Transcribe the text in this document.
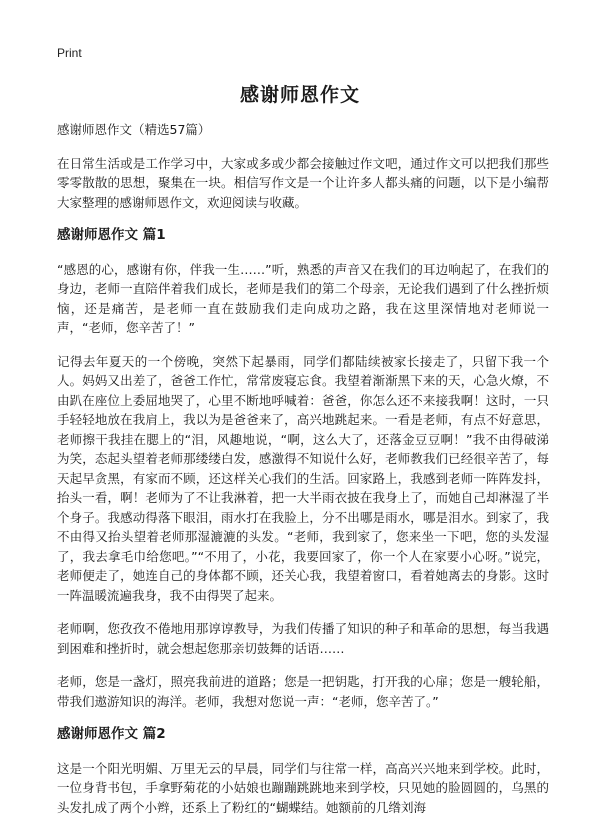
Print
感谢师恩作文

感谢师恩作文（精选57篇）

在日常生活或是工作学习中，大家或多或少都会接触过作文吧，通过作文可以把我们那些零零散散的思想，聚集在一块。相信写作文是一个让许多人都头痛的问题，以下是小编帮大家整理的感谢师恩作文，欢迎阅读与收藏。

感谢师恩作文 篇1

“感恩的心，感谢有你，伴我一生……”听，熟悉的声音又在我们的耳边响起了，在我们的身边，老师一直陪伴着我们成长，老师是我们的第二个母亲，无论我们遇到了什么挫折烦恼，还是痛苦，是老师一直在鼓励我们走向成功之路，我在这里深情地对老师说一声，“老师，您辛苦了！”

记得去年夏天的一个傍晚，突然下起暴雨，同学们都陆续被家长接走了，只留下我一个人。妈妈又出差了，爸爸工作忙，常常废寝忘食。我望着渐渐黑下来的天，心急火燎，不由趴在座位上委屈地哭了，心里不断地呼喊着：爸爸，你怎么还不来接我啊！这时，一只手轻轻地放在我肩上，我以为是爸爸来了，高兴地跳起来。一看是老师，有点不好意思，老师擦干我挂在腮上的“泪，风趣地说，“啊，这么大了，还落金豆豆啊！”我不由得破涕为笑，态起头望着老师那缕缕白发，感激得不知说什么好，老师教我们已经很辛苦了，每天起早贪黑，有家而不顾，还这样关心我们的生活。回家路上，我感到老师一阵阵发抖，抬头一看，啊！老师为了不让我淋着，把一大半雨衣披在我身上了，而她自己却淋湿了半个身子。我感动得落下眼泪，雨水打在我脸上，分不出哪是雨水，哪是泪水。到家了，我不由得又抬头望着老师那湿漉漉的头发。“老师，我到家了，您来坐一下吧，您的头发湿了，我去拿毛巾给您吧。”“不用了，小花，我要回家了，你一个人在家要小心呀。”说完，老师便走了，她连自己的身体都不顾，还关心我，我望着窗口，看着她离去的身影。这时一阵温暖流遍我身，我不由得哭了起来。

老师啊，您孜孜不倦地用那谆谆教导，为我们传播了知识的种子和革命的思想，每当我遇到困难和挫折时，就会想起您那亲切鼓舞的话语……

老师，您是一盏灯，照亮我前进的道路；您是一把钥匙，打开我的心扉；您是一艘轮船，带我们遨游知识的海洋。老师，我想对您说一声：“老师，您辛苦了。”

感谢师恩作文 篇2

这是一个阳光明媚、万里无云的早晨，同学们与往常一样，高高兴兴地来到学校。此时，一位身背书包，手拿野菊花的小姑娘也蹦蹦跳跳地来到学校，只见她的脸圆圆的，乌黑的头发扎成了两个小辫，还系上了粉红的“蝴蝶结。她额前的几绺刘海
